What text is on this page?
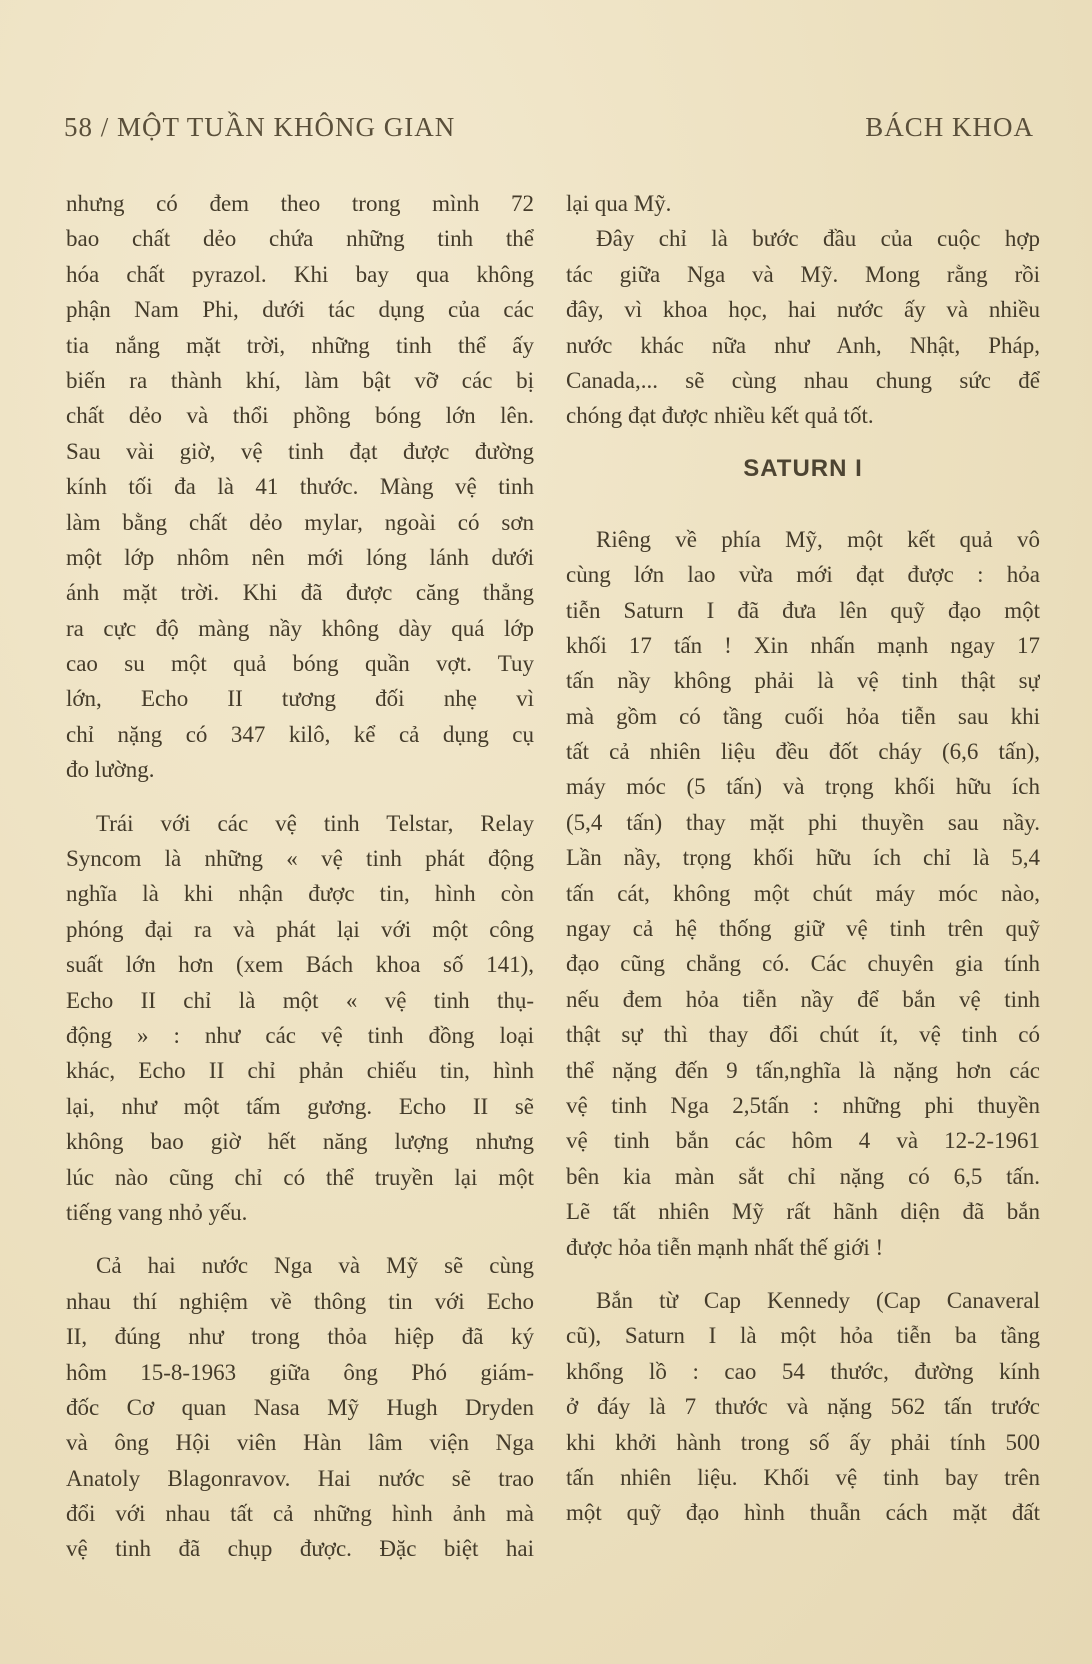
58 / MỘT TUẦN KHÔNG GIAN	BÁCH KHOA
nhưng có đem theo trong mình 72
bao chất dẻo chứa những tinh thể
hóa chất pyrazol. Khi bay qua không
phận Nam Phi, dưới tác dụng của các
tia nắng mặt trời, những tinh thể ấy
biến ra thành khí, làm bật vỡ các bị
chất dẻo và thổi phồng bóng lớn lên.
Sau vài giờ, vệ tinh đạt được đường
kính tối đa là 41 thước. Màng vệ tinh
làm bằng chất dẻo mylar, ngoài có sơn
một lớp nhôm nên mới lóng lánh dưới
ánh mặt trời. Khi đã được căng thẳng
ra cực độ màng nầy không dày quá lớp
cao su một quả bóng quần vợt. Tuy
lớn, Echo II tương đối nhẹ vì
chỉ nặng có 347 kilô, kể cả dụng cụ
đo lường.
Trái với các vệ tinh Telstar, Relay
Syncom là những « vệ tinh phát động
nghĩa là khi nhận được tin, hình còn
phóng đại ra và phát lại với một công
suất lớn hơn (xem Bách khoa số 141),
Echo II chỉ là một « vệ tinh thụ-
động » : như các vệ tinh đồng loại
khác, Echo II chỉ phản chiếu tin, hình
lại, như một tấm gương. Echo II sẽ
không bao giờ hết năng lượng nhưng
lúc nào cũng chỉ có thể truyền lại một
tiếng vang nhỏ yếu.
Cả hai nước Nga và Mỹ sẽ cùng
nhau thí nghiệm về thông tin với Echo
II, đúng như trong thỏa hiệp đã ký
hôm 15-8-1963 giữa ông Phó giám-
đốc Cơ quan Nasa Mỹ Hugh Dryden
và ông Hội viên Hàn lâm viện Nga
Anatoly Blagonravov. Hai nước sẽ trao
đổi với nhau tất cả những hình ảnh mà
vệ tinh đã chụp được. Đặc biệt hai
lại qua Mỹ.
Đây chỉ là bước đầu của cuộc hợp
tác giữa Nga và Mỹ. Mong rằng rồi
đây, vì khoa học, hai nước ấy và nhiều
nước khác nữa như Anh, Nhật, Pháp,
Canada,... sẽ cùng nhau chung sức để
chóng đạt được nhiều kết quả tốt.
SATURN I
Riêng về phía Mỹ, một kết quả vô
cùng lớn lao vừa mới đạt được : hỏa
tiễn Saturn I đã đưa lên quỹ đạo một
khối 17 tấn ! Xin nhấn mạnh ngay 17
tấn nầy không phải là vệ tinh thật sự
mà gồm có tầng cuối hỏa tiễn sau khi
tất cả nhiên liệu đều đốt cháy (6,6 tấn),
máy móc (5 tấn) và trọng khối hữu ích
(5,4 tấn) thay mặt phi thuyền sau nầy.
Lần nầy, trọng khối hữu ích chỉ là 5,4
tấn cát, không một chút máy móc nào,
ngay cả hệ thống giữ vệ tinh trên quỹ
đạo cũng chẳng có. Các chuyên gia tính
nếu đem hỏa tiễn nầy để bắn vệ tinh
thật sự thì thay đổi chút ít, vệ tinh có
thể nặng đến 9 tấn,nghĩa là nặng hơn các
vệ tinh Nga 2,5tấn : những phi thuyền
vệ tinh bắn các hôm 4 và 12-2-1961
bên kia màn sắt chỉ nặng có 6,5 tấn.
Lẽ tất nhiên Mỹ rất hãnh diện đã bắn
được hỏa tiễn mạnh nhất thế giới !
Bắn từ Cap Kennedy (Cap Canaveral
cũ), Saturn I là một hỏa tiễn ba tầng
khổng lồ : cao 54 thước, đường kính
ở đáy là 7 thước và nặng 562 tấn trước
khi khởi hành trong số ấy phải tính 500
tấn nhiên liệu. Khối vệ tinh bay trên
một quỹ đạo hình thuẫn cách mặt đất
